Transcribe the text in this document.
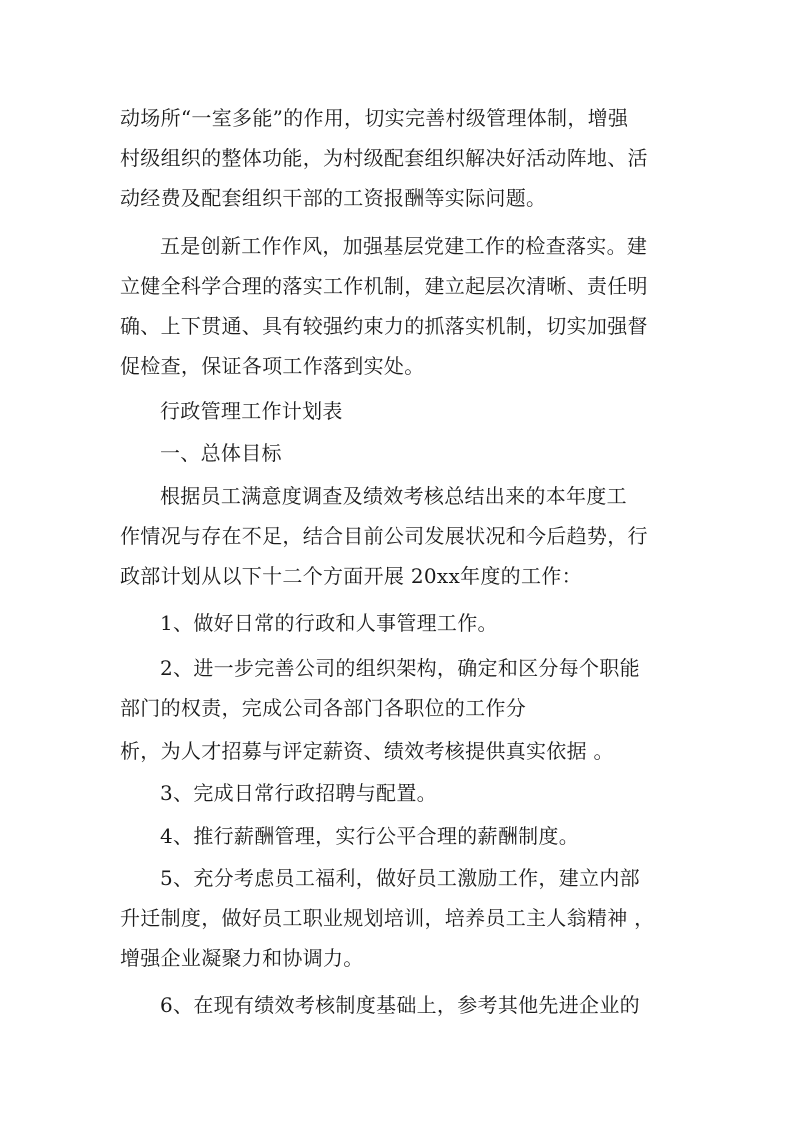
动场所“一室多能”的作用，切实完善村级管理体制，增强
村级组织的整体功能，为村级配套组织解决好活动阵地、活
动经费及配套组织干部的工资报酬等实际问题。
五是创新工作作风，加强基层党建工作的检查落实。建
立健全科学合理的落实工作机制，建立起层次清晰、责任明
确、上下贯通、具有较强约束力的抓落实机制，切实加强督
促检查，保证各项工作落到实处。
行政管理工作计划表
一、总体目标
根据员工满意度调查及绩效考核总结出来的本年度工
作情况与存在不足，结合目前公司发展状况和今后趋势，行
政部计划从以下十二个方面开展 20xx年度的工作：
1、做好日常的行政和人事管理工作。
2、进一步完善公司的组织架构，确定和区分每个职能
部门的权责，完成公司各部门各职位的工作分
析，为人才招募与评定薪资、绩效考核提供真实依据 。
3、完成日常行政招聘与配置。
4、推行薪酬管理，实行公平合理的薪酬制度。
5、充分考虑员工福利，做好员工激励工作，建立内部
升迁制度，做好员工职业规划培训，培养员工主人翁精神 ，
增强企业凝聚力和协调力。
6、在现有绩效考核制度基础上，参考其他先进企业的
